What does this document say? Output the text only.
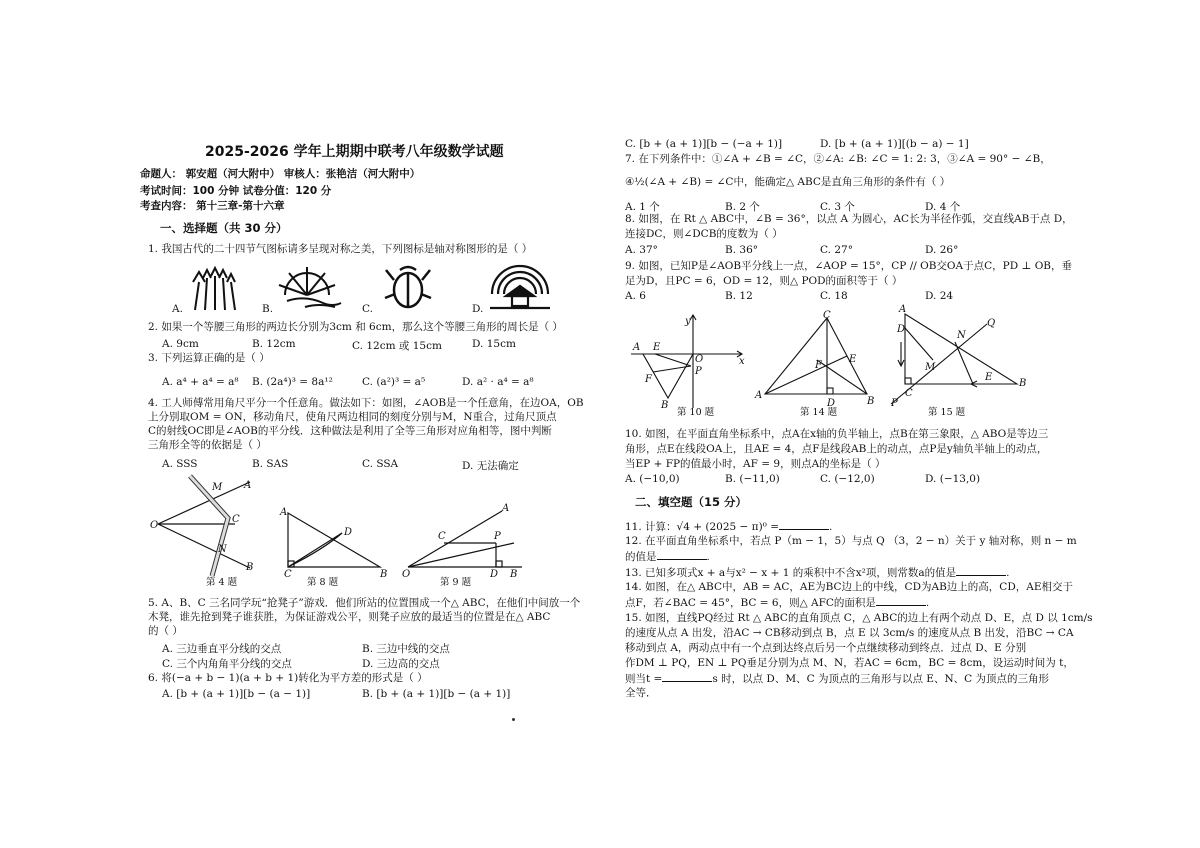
2025-2026 学年上期期中联考八年级数学试题
命题人： 郭安超（河大附中） 审核人：张艳洁（河大附中）
考试时间：100 分钟 试卷分值：120 分
考查内容： 第十三章-第十六章
一、选择题（共 30 分）
1. 我国古代的二十四节气图标请多呈现对称之美，下列图标是轴对称图形的是（ ）
A.	B.	C.	D.
2. 如果一个等腰三角形的两边长分别为3cm 和 6cm，那么这个等腰三角形的周长是（ ）
A. 9cm	B. 12cm	C. 12cm 或 15cm	D. 15cm
3. 下列运算正确的是（ ）
A. a⁴ + a⁴ = a⁸ B. (2a⁴)³ = 8a¹²	C. (a²)³ = a⁵	D. a² · a⁴ = a⁸
4. 工人师傅常用角尺平分一个任意角。做法如下：如图，∠AOB是一个任意角，在边OA，OB
上分别取OM = ON，移动角尺，使角尺两边相同的刻度分别与M，N重合，过角尺顶点
C的射线OC即是∠AOB的平分线．这种做法是利用了全等三角形对应角相等，图中判断
三角形全等的依据是（ ）
A. SSS	B. SAS	C. SSA	D. 无法确定
O
M A
C
N
B
第 4 题
A
C	B
D
第 8 题
O
C	P
D B
A
第 9 题
5. A、B、C 三名同学玩“抢凳子”游戏．他们所站的位置围成一个△ ABC，在他们中间放一个
木凳，谁先抢到凳子谁获胜，为保证游戏公平，则凳子应放的最适当的位置是在△ ABC
的（ ）
A. 三边垂直平分线的交点	B. 三边中线的交点
C. 三个内角角平分线的交点	D. 三边高的交点
6. 将(−a + b − 1)(a + b + 1)转化为平方差的形式是（ ）
A. [b + (a + 1)][b − (a − 1)]	B. [b + (a + 1)][b − (a + 1)]
C. [b + (a + 1)][b − (−a + 1)]	D. [b + (a + 1)][(b − a) − 1]
7. 在下列条件中：①∠A + ∠B = ∠C，②∠A: ∠B: ∠C = 1: 2: 3，③∠A = 90° − ∠B，
④½(∠A + ∠B) = ∠C中，能确定△ ABC是直角三角形的条件有（ ）
A. 1 个	B. 2 个	C. 3 个	D. 4 个
8. 如图，在 Rt △ ABC中，∠B = 36°，以点 A 为圆心，AC长为半径作弧，交直线AB于点 D，
连接DC，则∠DCB的度数为（ ）
A. 37°	B. 36°	C. 27°	D. 26°
9. 如图，已知P是∠AOB平分线上一点，∠AOP = 15°，CP // OB交OA于点C，PD ⊥ OB，垂
足为D，且PC = 6，OD = 12，则△ POD的面积等于（ ）
A. 6	B. 12	C. 18	D. 24
A E
O
P
F
B
y
x
第 10 题
C
A
B
F
E
D
第 14 题
A
D
M
N
Q
C
P
E
B
第 15 题
10. 如图，在平面直角坐标系中，点A在x轴的负半轴上，点B在第三象限，△ ABO是等边三
角形，点E在线段OA上，且AE = 4，点F是线段AB上的动点，点P是y轴负半轴上的动点，
当EP + FP的值最小时，AF = 9，则点A的坐标是（ ）
A. (−10,0)	B. (−11,0)	C. (−12,0)	D. (−13,0)
二、填空题（15 分）
11. 计算：√4 + (2025 − π)⁰ =	.
12. 在平面直角坐标系中，若点 P（m − 1，5）与点 Q （3，2 − n）关于 y 轴对称，则 n − m
的值是	.
13. 已知多项式x + a与x² − x + 1 的乘积中不含x²项，则常数a的值是	.
14. 如图，在△ ABC中，AB = AC，AE为BC边上的中线，CD为AB边上的高，CD，AE相交于
点F，若∠BAC = 45°，BC = 6，则△ AFC的面积是	.
15. 如图，直线PQ经过 Rt △ ABC的直角顶点 C，△ ABC的边上有两个动点 D、E，点 D 以 1cm/s
的速度从点 A 出发，沿AC → CB移动到点 B，点 E 以 3cm/s 的速度从点 B 出发，沿BC → CA
移动到点 A，两动点中有一个点到达终点后另一个点继续移动到终点．过点 D、E 分别
作DM ⊥ PQ，EN ⊥ PQ垂足分别为点 M、N，若AC = 6cm，BC = 8cm，设运动时间为 t，
则当t =	s 时，以点 D、M、C 为顶点的三角形与以点 E、N、C 为顶点的三角形
全等．
